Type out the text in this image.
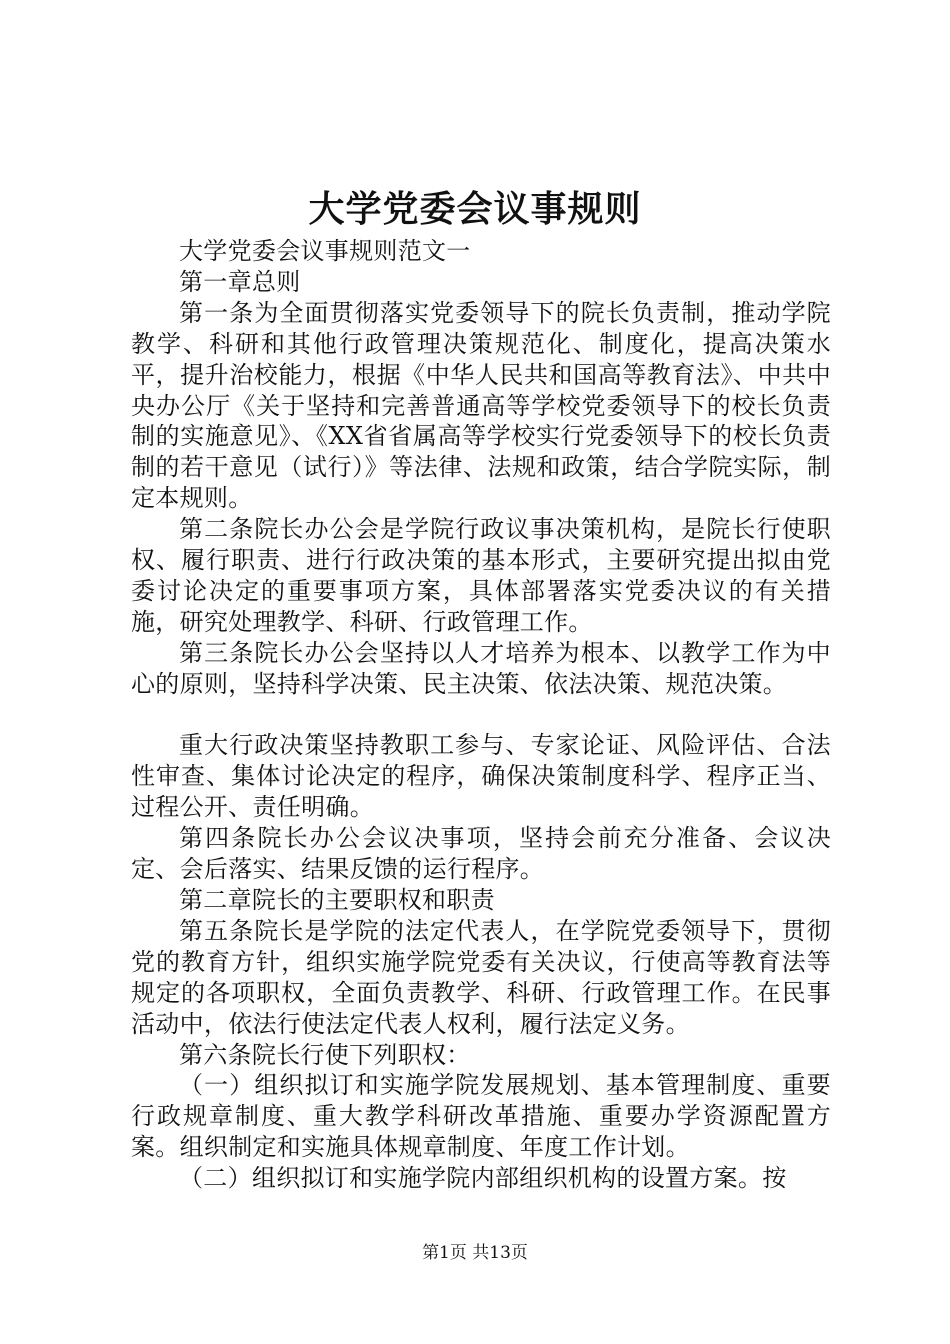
大学党委会议事规则

大学党委会议事规则范文一

第一章总则

第一条为全面贯彻落实党委领导下的院长负责制，推动学院教学、科研和其他行政管理决策规范化、制度化，提高决策水平，提升治校能力，根据《中华人民共和国高等教育法》、中共中央办公厅《关于坚持和完善普通高等学校党委领导下的校长负责制的实施意见》、《XX省省属高等学校实行党委领导下的校长负责制的若干意见（试行）》等法律、法规和政策，结合学院实际，制定本规则。

第二条院长办公会是学院行政议事决策机构，是院长行使职权、履行职责、进行行政决策的基本形式，主要研究提出拟由党委讨论决定的重要事项方案，具体部署落实党委决议的有关措施，研究处理教学、科研、行政管理工作。

第三条院长办公会坚持以人才培养为根本、以教学工作为中心的原则，坚持科学决策、民主决策、依法决策、规范决策。

重大行政决策坚持教职工参与、专家论证、风险评估、合法性审查、集体讨论决定的程序，确保决策制度科学、程序正当、过程公开、责任明确。

第四条院长办公会议决事项，坚持会前充分准备、会议决定、会后落实、结果反馈的运行程序。

第二章院长的主要职权和职责

第五条院长是学院的法定代表人，在学院党委领导下，贯彻党的教育方针，组织实施学院党委有关决议，行使高等教育法等规定的各项职权，全面负责教学、科研、行政管理工作。在民事活动中，依法行使法定代表人权利，履行法定义务。

第六条院长行使下列职权：

（一）组织拟订和实施学院发展规划、基本管理制度、重要行政规章制度、重大教学科研改革措施、重要办学资源配置方案。组织制定和实施具体规章制度、年度工作计划。

（二）组织拟订和实施学院内部组织机构的设置方案。按

第1页 共13页
